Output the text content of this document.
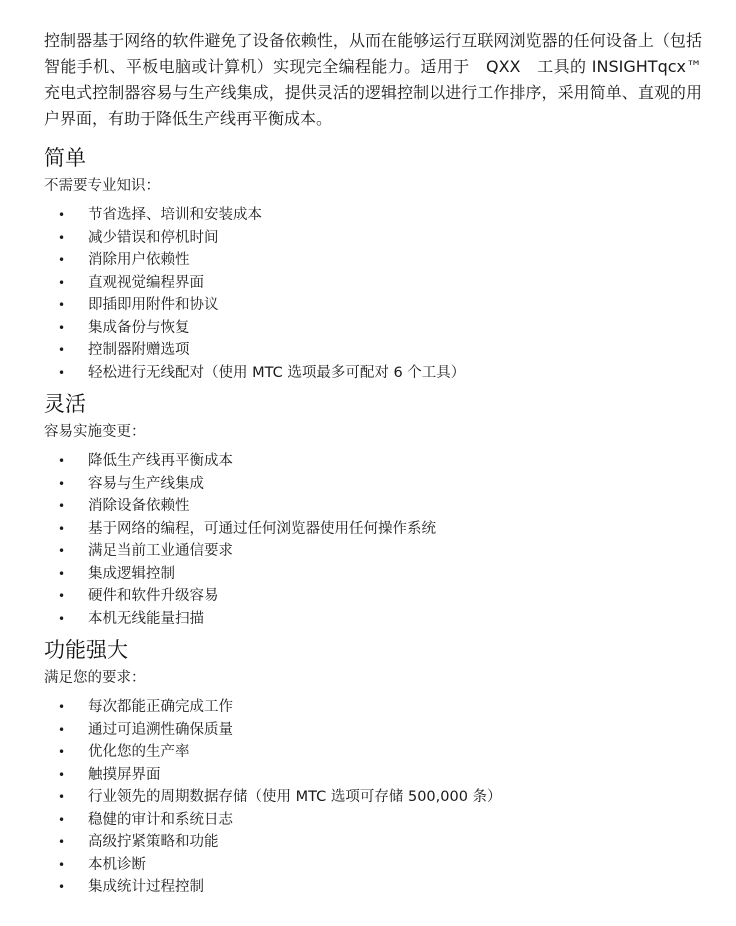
控制器基于网络的软件避免了设备依赖性，从而在能够运行互联网浏览器的任何设备上（包括智能手机、平板电脑或计算机）实现完全编程能力。适用于　QXX　工具的 INSIGHTqcx™　充电式控制器容易与生产线集成，提供灵活的逻辑控制以进行工作排序，采用简单、直观的用户界面，有助于降低生产线再平衡成本。

简单

不需要专业知识：

• 节省选择、培训和安装成本
• 减少错误和停机时间
• 消除用户依赖性
• 直观视觉编程界面
• 即插即用附件和协议
• 集成备份与恢复
• 控制器附赠选项
• 轻松进行无线配对（使用 MTC 选项最多可配对 6 个工具）
灵活

容易实施变更：

• 降低生产线再平衡成本
• 容易与生产线集成
• 消除设备依赖性
• 基于网络的编程，可通过任何浏览器使用任何操作系统
• 满足当前工业通信要求
• 集成逻辑控制
• 硬件和软件升级容易
• 本机无线能量扫描
功能强大

满足您的要求：

• 每次都能正确完成工作
• 通过可追溯性确保质量
• 优化您的生产率
• 触摸屏界面
• 行业领先的周期数据存储（使用 MTC 选项可存储 500,000 条）
• 稳健的审计和系统日志
• 高级拧紧策略和功能
• 本机诊断
• 集成统计过程控制
